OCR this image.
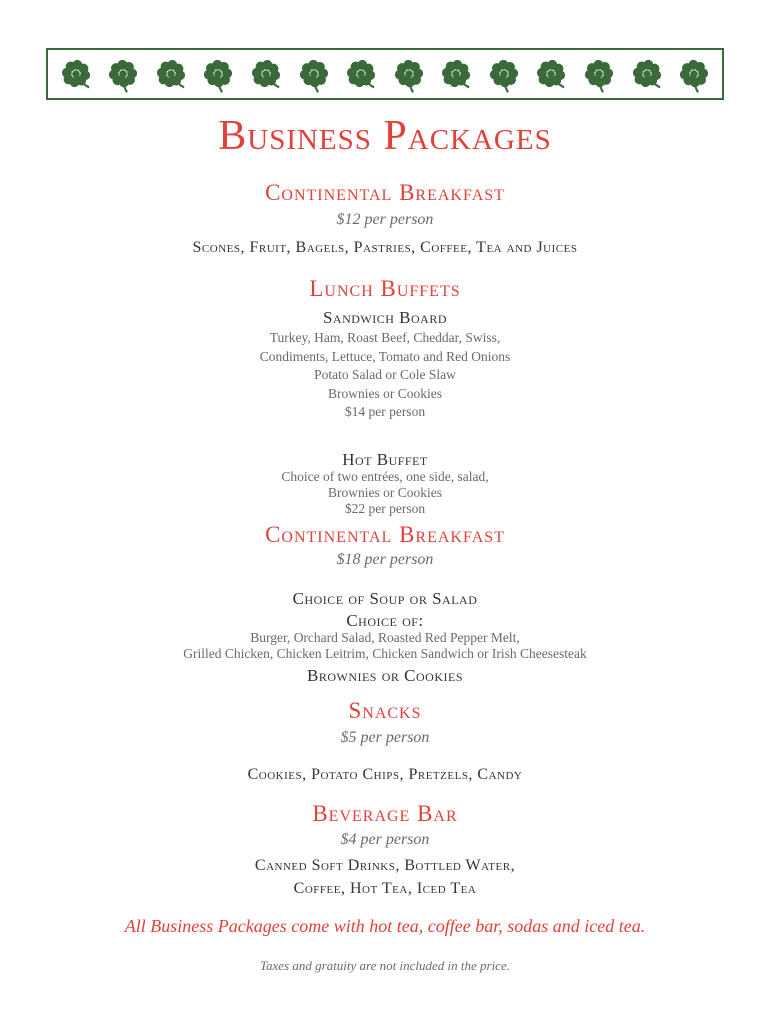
Business Packages
Continental Breakfast
$12 per person
Scones, Fruit, Bagels, Pastries, Coffee, Tea and Juices
Lunch Buffets
Sandwich Board
Turkey, Ham, Roast Beef, Cheddar, Swiss,
Condiments, Lettuce, Tomato and Red Onions
Potato Salad or Cole Slaw
Brownies or Cookies
$14 per person
Hot Buffet
Choice of two entrées, one side, salad,
Brownies or Cookies
$22 per person
Continental Breakfast
$18 per person
Choice of Soup or Salad
Choice of:
Burger, Orchard Salad, Roasted Red Pepper Melt,
Grilled Chicken, Chicken Leitrim, Chicken Sandwich or Irish Cheesesteak
Brownies or Cookies
Snacks
$5 per person
Cookies, Potato Chips, Pretzels, Candy
Beverage Bar
$4 per person
Canned Soft Drinks, Bottled Water,
Coffee, Hot Tea, Iced Tea
All Business Packages come with hot tea, coffee bar, sodas and iced tea.
Taxes and gratuity are not included in the price.
